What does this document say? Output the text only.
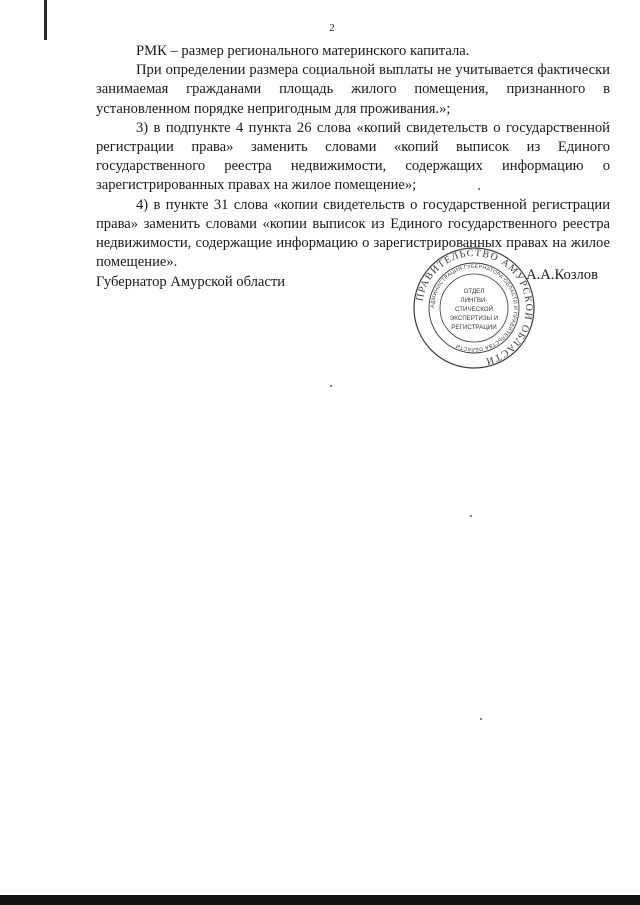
2

РМК – размер регионального материнского капитала.

При определении размера социальной выплаты не учитывается фактически занимаемая гражданами площадь жилого помещения, признанного в установленном порядке непригодным для проживания.»;

3) в подпункте 4 пункта 26 слова «копий свидетельств о государственной регистрации права» заменить словами «копий выписок из Единого государственного реестра недвижимости, содержащих информацию о зарегистрированных правах на жилое помещение»;

4) в пункте 31 слова «копии свидетельств о государственной регистрации права» заменить словами «копии выписок из Единого государственного реестра недвижимости, содержащие информацию о зарегистрированных правах на жилое помещение».

Губернатор Амурской области
ПРАВИТЕЛЬСТВО АМУРСКОЙ ОБЛАСТИ
АДМИНИСТРАЦИЯ ГУБЕРНАТОРА ОБЛАСТИ И ПРАВИТЕЛЬСТВА ОБЛАСТИ
ОТДЕЛ
ЛИНГВИ-
СТИЧЕСКОЙ
ЭКСПЕРТИЗЫ И
РЕГИСТРАЦИИ
А.А.Козлов
